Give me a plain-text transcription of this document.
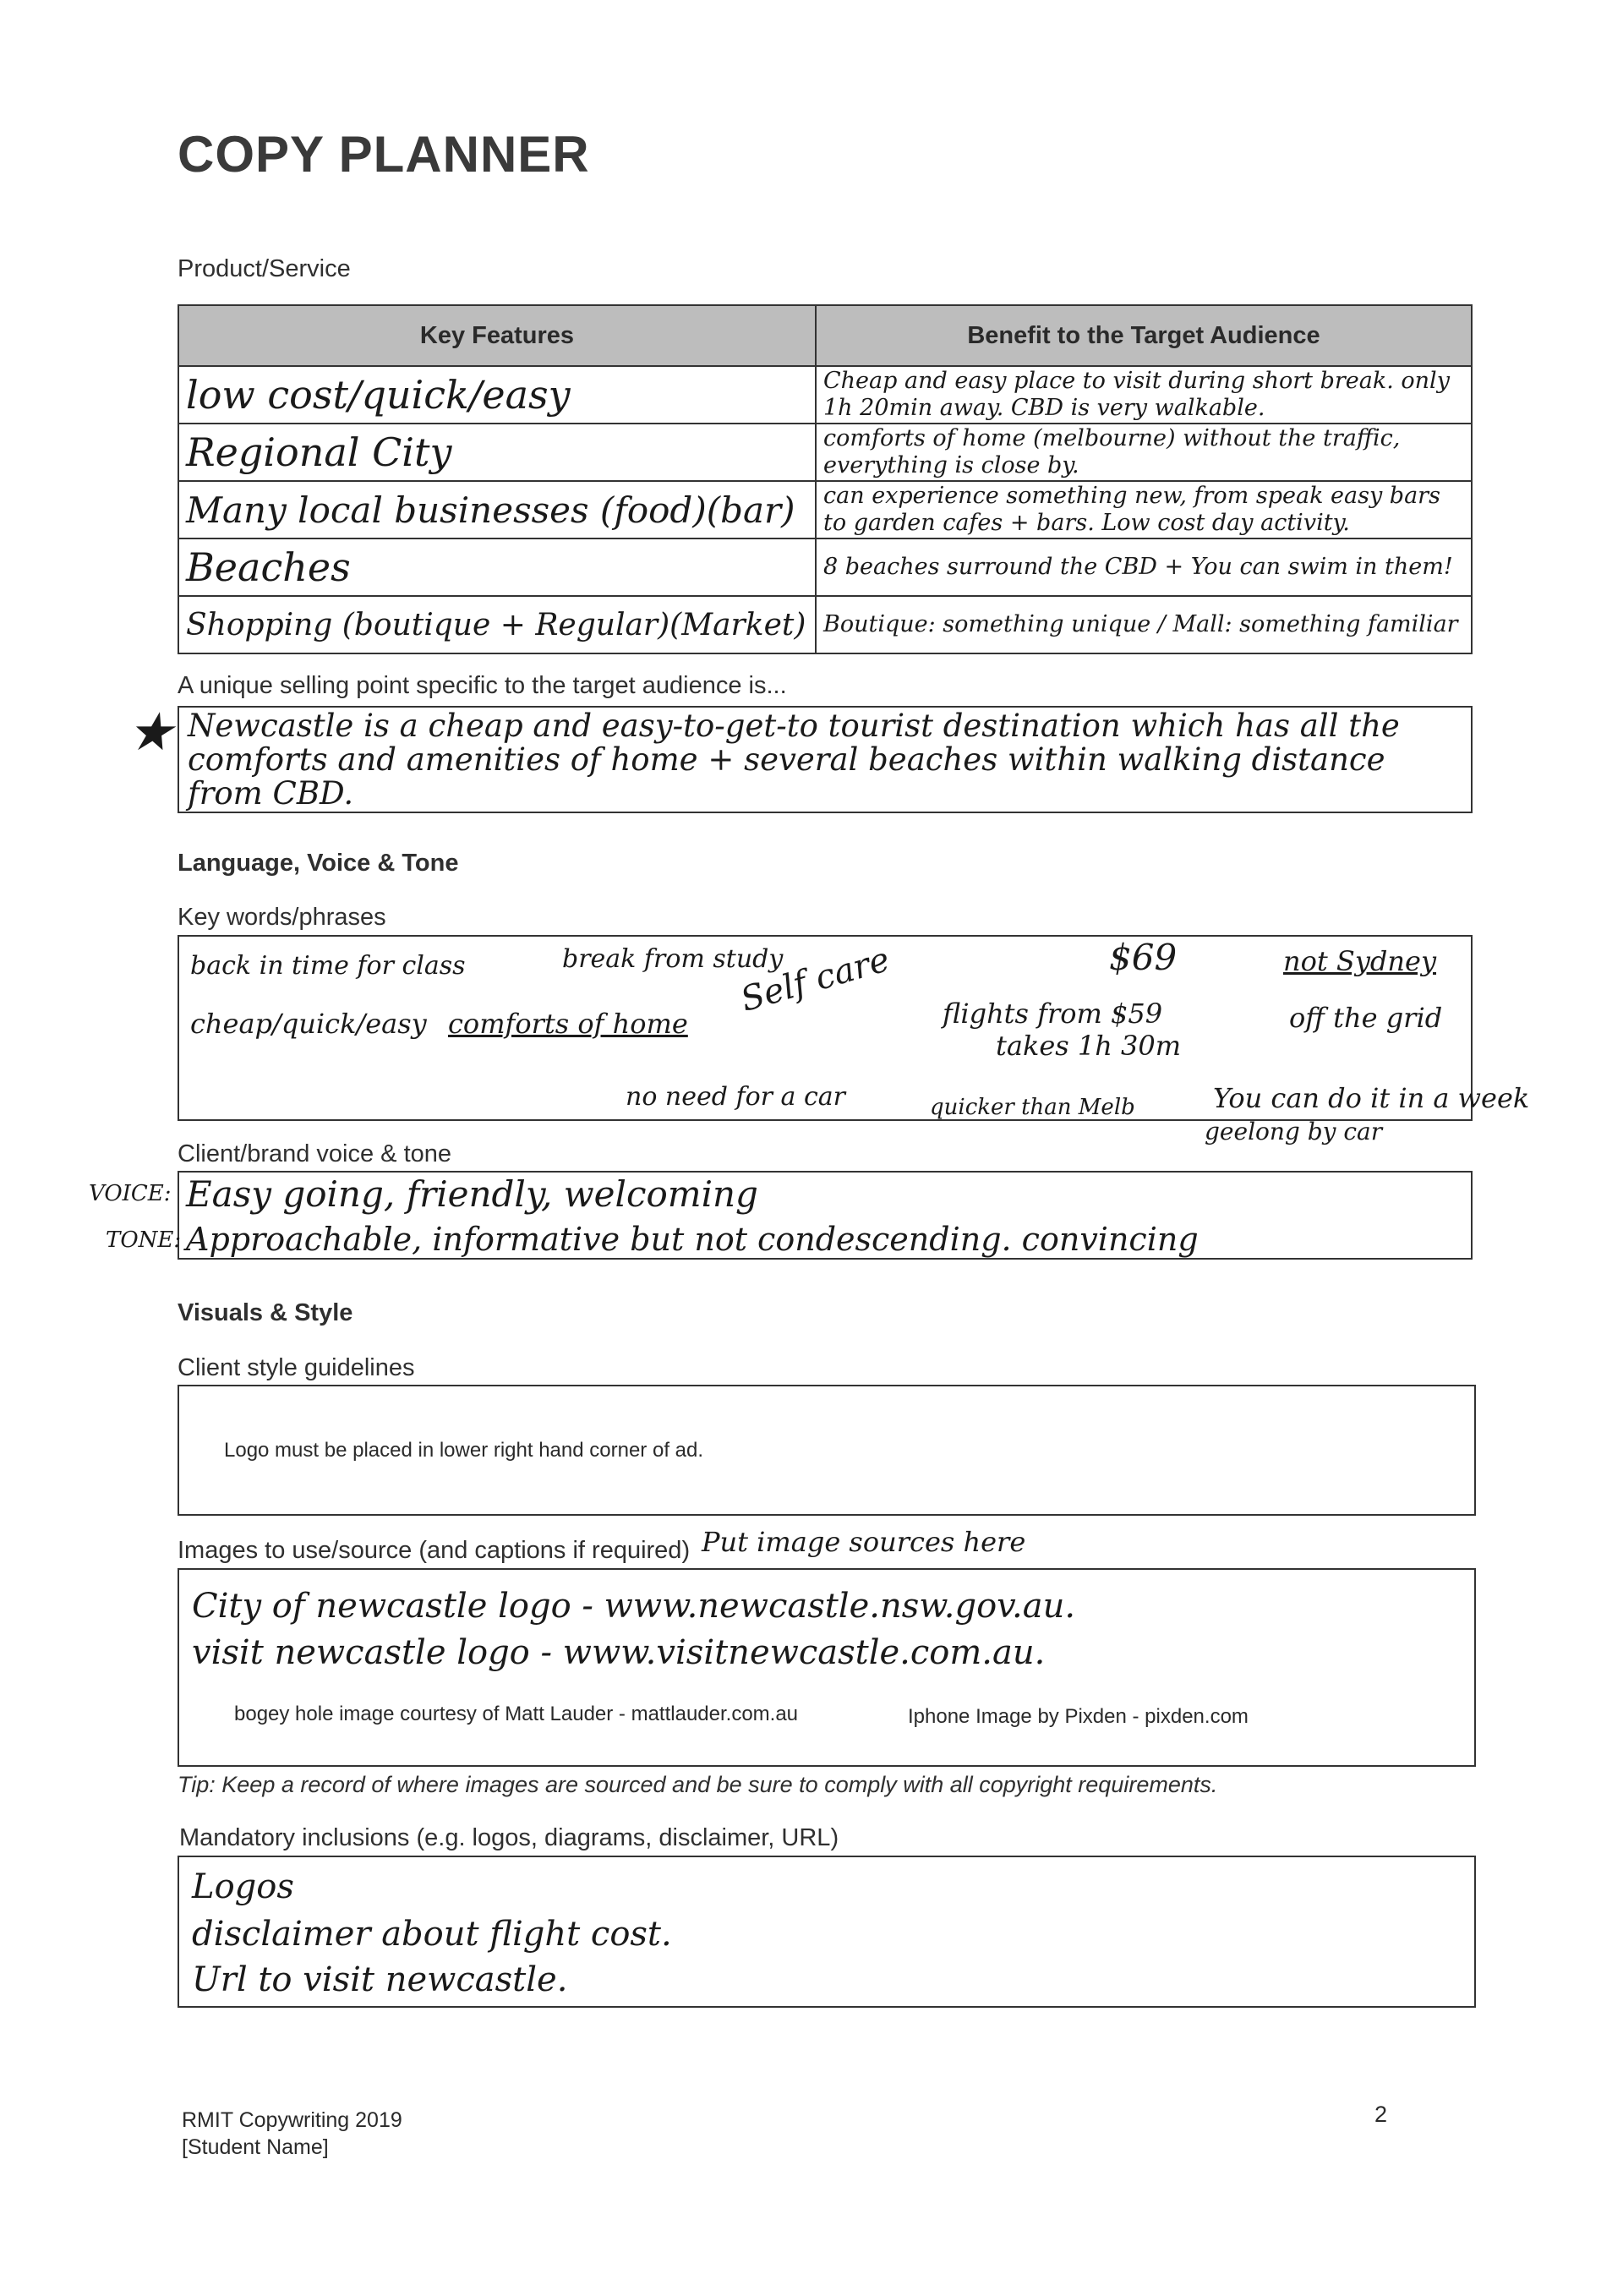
COPY PLANNER
Product/Service
Key Features	Benefit to the Target Audience
low cost/quick/easy	Cheap and easy place to visit during short break. only 1h 20min away. CBD is very walkable.
Regional City	comforts of home (melbourne) without the traffic, everything is close by.
Many local businesses (food)(bar)	can experience something new, from speak easy bars to garden cafes + bars. Low cost day activity.
Beaches	8 beaches surround the CBD + You can swim in them!
Shopping (boutique + Regular)(Market)	Boutique: something unique / Mall: something familiar
A unique selling point specific to the target audience is...
★ Newcastle is a cheap and easy-to-get-to tourist destination which has all the comforts and amenities of home + several beaches within walking distance from CBD.
Language, Voice & Tone
Key words/phrases
back in time for class	break from study	$69	not Sydney
cheap/quick/easy comforts of home
Self care flights from $59
takes 1h 30m
off the grid
no need for a car	quicker than Melb	You can do it in a week
geelong by car
Client/brand voice & tone
VOICE:
TONE:
Easy going, friendly, welcoming
Approachable, informative but not condescending. convincing
Visuals & Style
Client style guidelines
Logo must be placed in lower right hand corner of ad.
Images to use/source (and captions if required) Put image sources here
City of newcastle logo - www.newcastle.nsw.gov.au.
visit newcastle logo - www.visitnewcastle.com.au.
bogey hole image courtesy of Matt Lauder - mattlauder.com.au	Iphone Image by Pixden - pixden.com
Tip: Keep a record of where images are sourced and be sure to comply with all copyright requirements.
Mandatory inclusions (e.g. logos, diagrams, disclaimer, URL)
Logos
disclaimer about flight cost.
Url to visit newcastle.
RMIT Copywriting 2019
[Student Name]
2
